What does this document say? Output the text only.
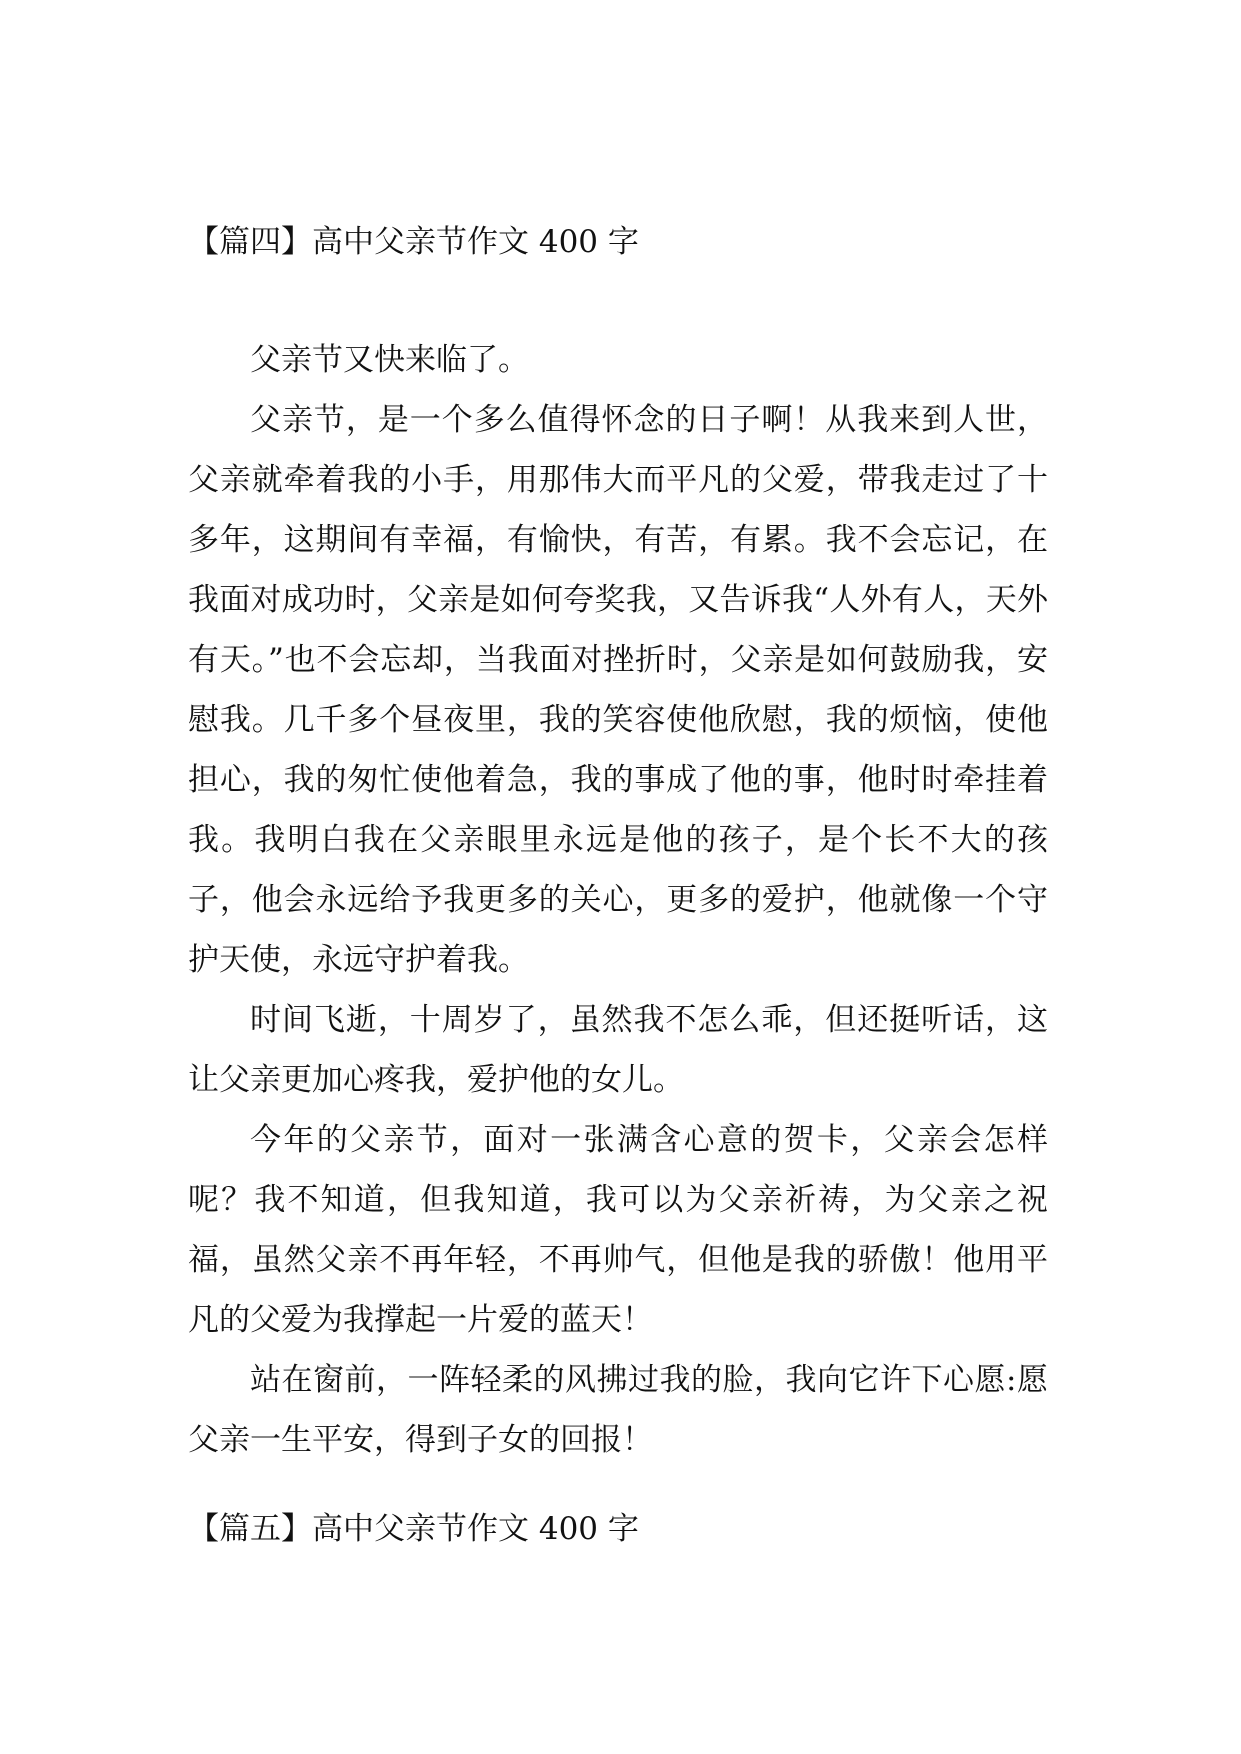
【篇四】高中父亲节作文 400 字

父亲节又快来临了。

父亲节，是一个多么值得怀念的日子啊！从我来到人世，父亲就牵着我的小手，用那伟大而平凡的父爱，带我走过了十多年，这期间有幸福，有愉快，有苦，有累。我不会忘记，在我面对成功时，父亲是如何夸奖我，又告诉我“人外有人，天外有天。”也不会忘却，当我面对挫折时，父亲是如何鼓励我，安慰我。几千多个昼夜里，我的笑容使他欣慰，我的烦恼，使他担心，我的匆忙使他着急，我的事成了他的事，他时时牵挂着我。我明白我在父亲眼里永远是他的孩子，是个长不大的孩子，他会永远给予我更多的关心，更多的爱护，他就像一个守护天使，永远守护着我。

时间飞逝，十周岁了，虽然我不怎么乖，但还挺听话，这让父亲更加心疼我，爱护他的女儿。

今年的父亲节，面对一张满含心意的贺卡，父亲会怎样呢？我不知道，但我知道，我可以为父亲祈祷，为父亲之祝福，虽然父亲不再年轻，不再帅气，但他是我的骄傲！他用平凡的父爱为我撑起一片爱的蓝天！

站在窗前，一阵轻柔的风拂过我的脸，我向它许下心愿:愿父亲一生平安，得到子女的回报！

【篇五】高中父亲节作文 400 字
